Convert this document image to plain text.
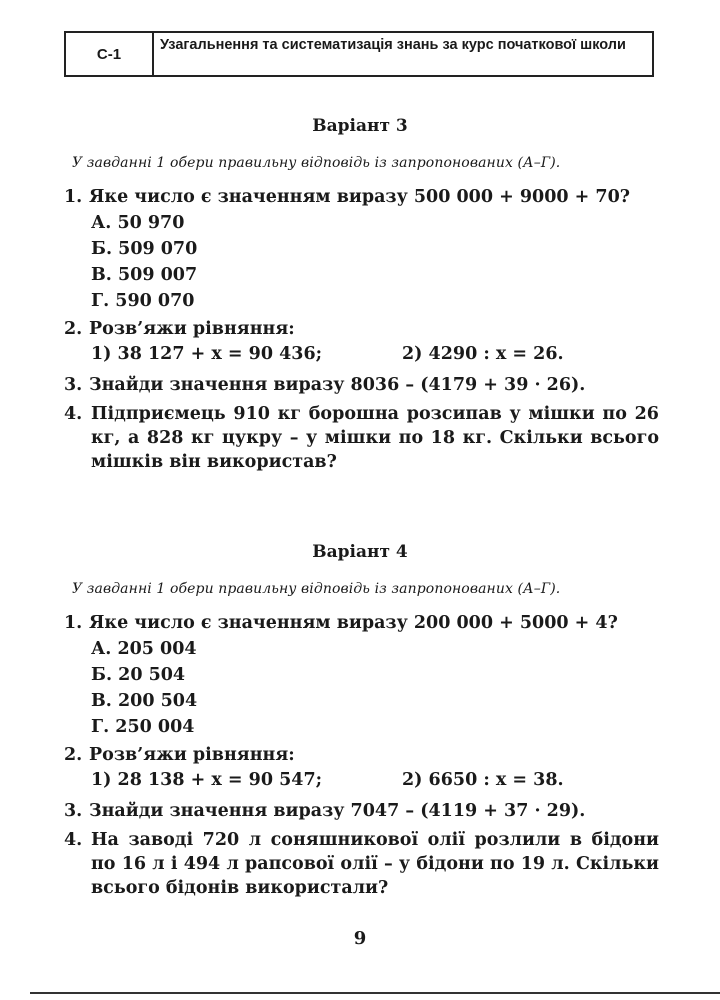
С-1
Узагальнення та систематизація знань за курс початкової школи
Варіант 3
У завданні 1 обери правильну відповідь із запропонованих (А–Г).
1. Яке число є значенням виразу 500 000 + 9000 + 70?
А. 50 970
Б. 509 070
В. 509 007
Г. 590 070
2. Розв’яжи рівняння:
1) 38 127 + x = 90 436;	2) 4290 : x = 26.
3. Знайди значення виразу 8036 – (4179 + 39 · 26).
4. Підприємець 910 кг борошна розсипав у мішки по 26 кг, а 828 кг цукру – у мішки по 18 кг. Скільки всього мішків він використав?
Варіант 4
У завданні 1 обери правильну відповідь із запропонованих (А–Г).
1. Яке число є значенням виразу 200 000 + 5000 + 4?
А. 205 004
Б. 20 504
В. 200 504
Г. 250 004
2. Розв’яжи рівняння:
1) 28 138 + x = 90 547;	2) 6650 : x = 38.
3. Знайди значення виразу 7047 – (4119 + 37 · 29).
4. На заводі 720 л соняшникової олії розлили в бідони по 16 л і 494 л рапсової олії – у бідони по 19 л. Скільки всього бідонів використали?
9
